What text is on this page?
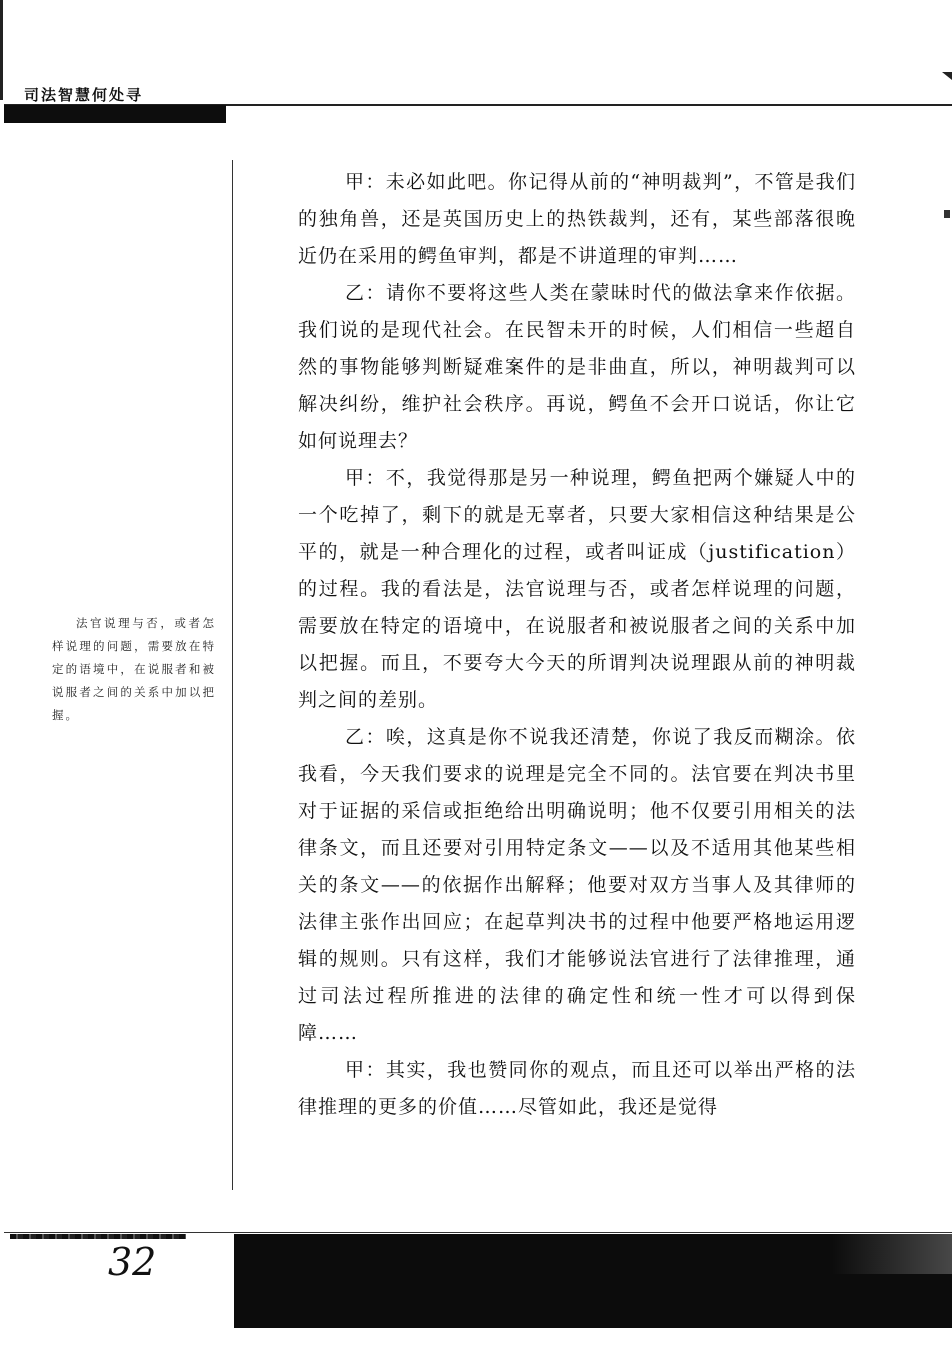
司法智慧何处寻
法官说理与否，或者怎样说理的问题，需要放在特定的语境中，在说服者和被说服者之间的关系中加以把握。

甲：未必如此吧。你记得从前的“神明裁判”，不管是我们的独角兽，还是英国历史上的热铁裁判，还有，某些部落很晚近仍在采用的鳄鱼审判，都是不讲道理的审判……

乙：请你不要将这些人类在蒙昧时代的做法拿来作依据。我们说的是现代社会。在民智未开的时候，人们相信一些超自然的事物能够判断疑难案件的是非曲直，所以，神明裁判可以解决纠纷，维护社会秩序。再说，鳄鱼不会开口说话，你让它如何说理去？

甲：不，我觉得那是另一种说理，鳄鱼把两个嫌疑人中的一个吃掉了，剩下的就是无辜者，只要大家相信这种结果是公平的，就是一种合理化的过程，或者叫证成（justification）的过程。我的看法是，法官说理与否，或者怎样说理的问题，需要放在特定的语境中，在说服者和被说服者之间的关系中加以把握。而且，不要夸大今天的所谓判决说理跟从前的神明裁判之间的差别。

乙：唉，这真是你不说我还清楚，你说了我反而糊涂。依我看，今天我们要求的说理是完全不同的。法官要在判决书里对于证据的采信或拒绝给出明确说明；他不仅要引用相关的法律条文，而且还要对引用特定条文——以及不适用其他某些相关的条文——的依据作出解释；他要对双方当事人及其律师的法律主张作出回应；在起草判决书的过程中他要严格地运用逻辑的规则。只有这样，我们才能够说法官进行了法律推理，通过司法过程所推进的法律的确定性和统一性才可以得到保障……

甲：其实，我也赞同你的观点，而且还可以举出严格的法律推理的更多的价值……尽管如此，我还是觉得

32
